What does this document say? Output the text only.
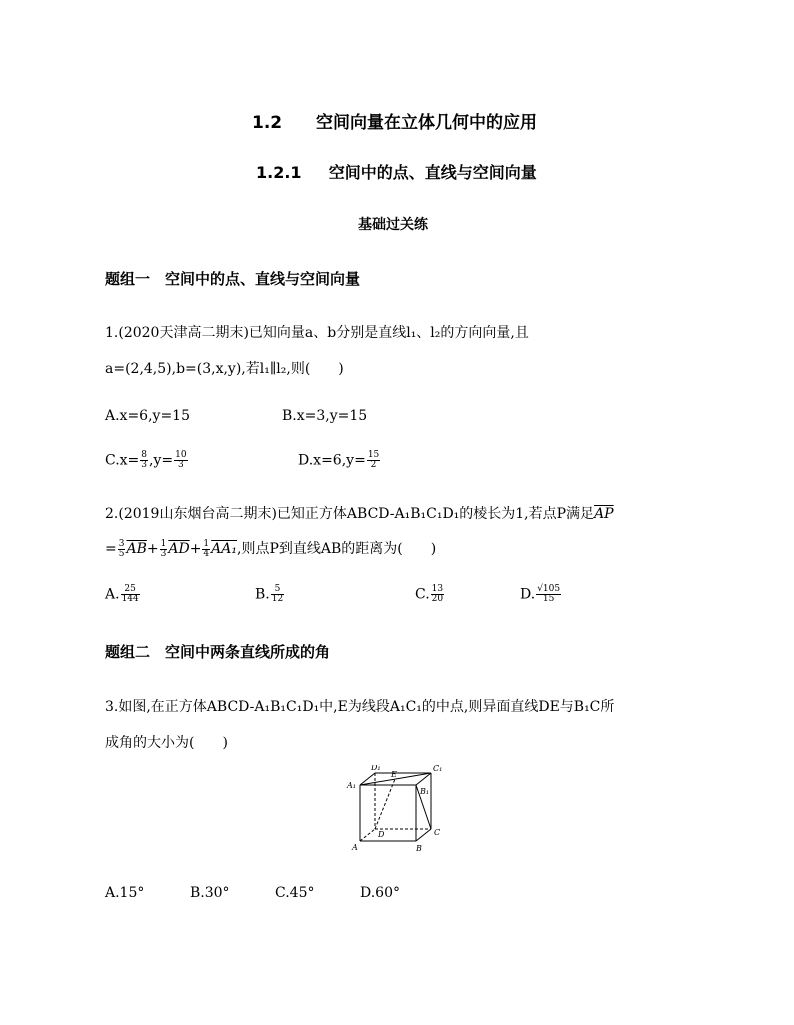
1.2 空间向量在立体几何中的应用
1.2.1 空间中的点、直线与空间向量
基础过关练
题组一　空间中的点、直线与空间向量
1.(2020天津高二期末)已知向量a、b分别是直线l₁、l₂的方向向量,且
a=(2,4,5),b=(3,x,y),若l₁∥l₂,则(　　)
A.x=6,y=15	B.x=3,y=15
$C.x= \frac{8}{3} ,y= \frac{10}{3}$	$D.x=6,y= \frac{15}{2}$
2.(2019山东烟台高二期末)已知正方体ABCD-A₁B₁C₁D₁的棱长为1,若点P满足$\overline{AP}$
= $\frac{3}{5} \overline{AB}+ \frac{1}{3} \overline{AD}+ \frac{1}{4} AA_1$,则点P到直线AB的距离为(　　)
A. $\frac{25}{144}$	B. $\frac{5}{12}$	C. $\frac{13}{20}$	D. $\frac{√105}{15}$
题组二　空间中两条直线所成的角
3.如图,在正方体ABCD-A₁B₁C₁D₁中,E为线段A₁C₁的中点,则异面直线DE与B₁C所
成角的大小为(　　)
A₁
D₁	C₁
B₁
E
D	C
A	B
A.15°	B.30°	C.45°	D.60°
